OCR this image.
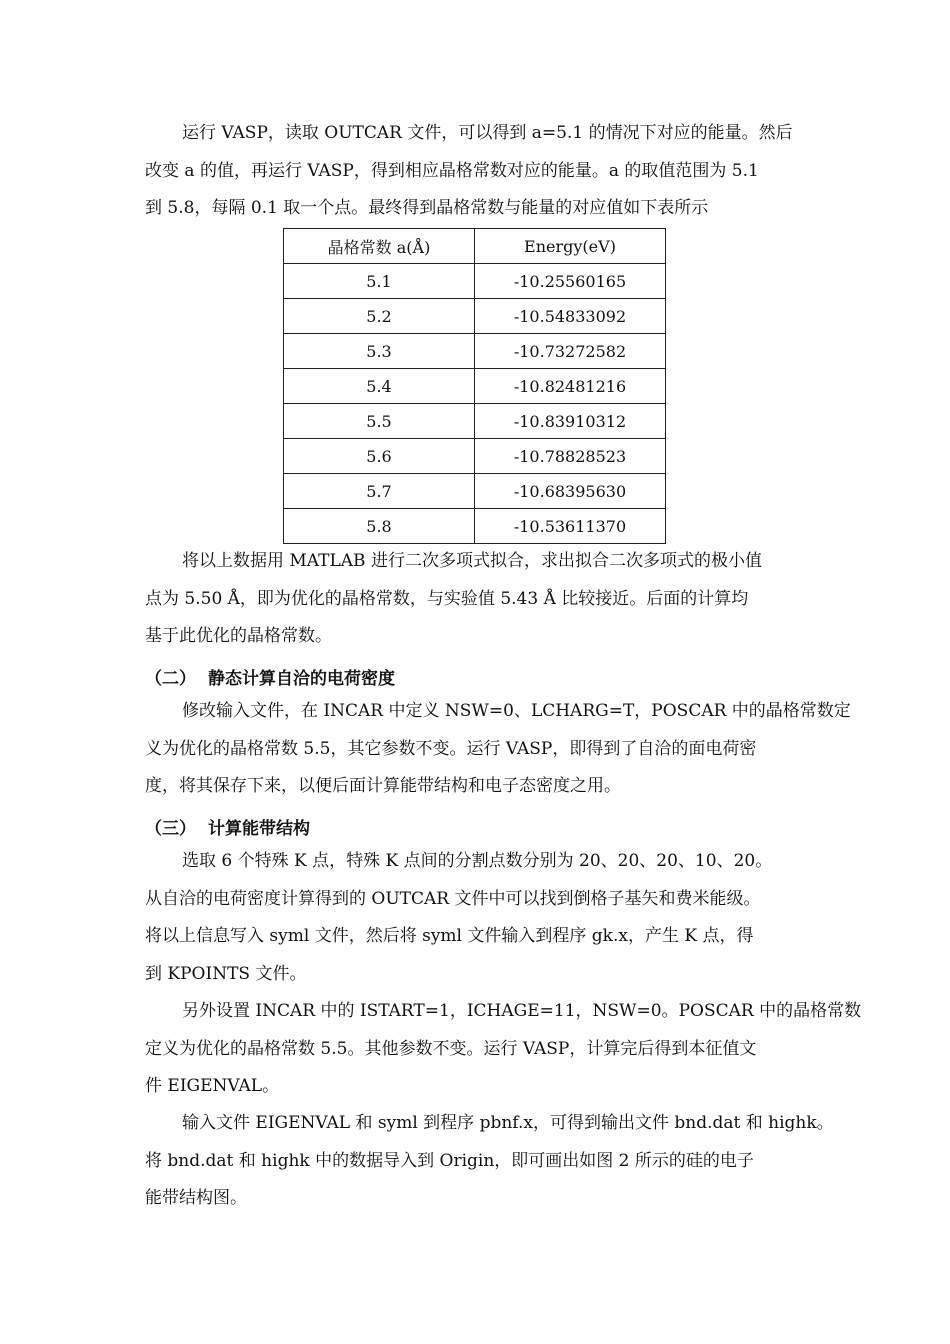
运行 VASP，读取 OUTCAR 文件，可以得到 a=5.1 的情况下对应的能量。然后
改变 a 的值，再运行 VASP，得到相应晶格常数对应的能量。a 的取值范围为 5.1
到 5.8，每隔 0.1 取一个点。最终得到晶格常数与能量的对应值如下表所示

晶格常数 a(Å)	Energy(eV)
5.1	-10.25560165
5.2	-10.54833092
5.3	-10.73272582
5.4	-10.82481216
5.5	-10.83910312
5.6	-10.78828523
5.7	-10.68395630
5.8	-10.53611370

将以上数据用 MATLAB 进行二次多项式拟合，求出拟合二次多项式的极小值
点为 5.50 Å，即为优化的晶格常数，与实验值 5.43 Å 比较接近。后面的计算均
基于此优化的晶格常数。

（二） 静态计算自洽的电荷密度

修改输入文件，在 INCAR 中定义 NSW=0、LCHARG=T，POSCAR 中的晶格常数定
义为优化的晶格常数 5.5，其它参数不变。运行 VASP，即得到了自洽的面电荷密
度，将其保存下来，以便后面计算能带结构和电子态密度之用。

（三） 计算能带结构

选取 6 个特殊 K 点，特殊 K 点间的分割点数分别为 20、20、20、10、20。
从自洽的电荷密度计算得到的 OUTCAR 文件中可以找到倒格子基矢和费米能级。
将以上信息写入 syml 文件，然后将 syml 文件输入到程序 gk.x，产生 K 点，得
到 KPOINTS 文件。

另外设置 INCAR 中的 ISTART=1，ICHAGE=11，NSW=0。POSCAR 中的晶格常数
定义为优化的晶格常数 5.5。其他参数不变。运行 VASP，计算完后得到本征值文
件 EIGENVAL。

输入文件 EIGENVAL 和 syml 到程序 pbnf.x，可得到输出文件 bnd.dat 和 highk。
将 bnd.dat 和 highk 中的数据导入到 Origin，即可画出如图 2 所示的硅的电子
能带结构图。
